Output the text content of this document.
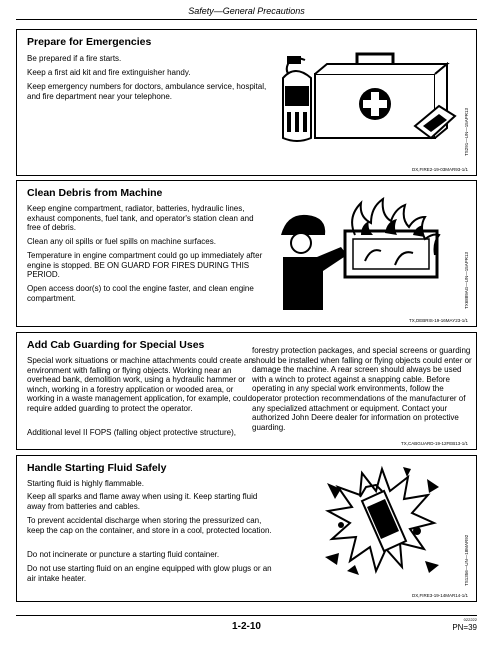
Safety—General Precautions
Prepare for Emergencies
Be prepared if a fire starts.
Keep a first aid kit and fire extinguisher handy.
Keep emergency numbers for doctors, ambulance service, hospital, and fire department near your telephone.
TS291—UN—15APR13
DX,FIRE2-19-03MAR93-1/1
Clean Debris from Machine
Keep engine compartment, radiator, batteries, hydraulic lines, exhaust components, fuel tank, and operator's station clean and free of debris.
Clean any oil spills or fuel spills on machine surfaces.
Temperature in engine compartment could go up immediately after engine is stopped. BE ON GUARD FOR FIRES DURING THIS PERIOD.
Open access door(s) to cool the engine faster, and clean engine compartment.	TX6889AG—UN—15APR13
TX,DEBRIS-19-16MAY23-1/1
Add Cab Guarding for Special Uses
Special work situations or machine attachments could create an environment with falling or flying objects. Working near an overhead bank, demolition work, using a hydraulic hammer or winch, working in a forestry application or wooded area, or working in a waste management application, for example, could require added guarding to protect the operator.
Additional level II FOPS (falling object protective structure),
forestry protection packages, and special screens or guarding should be installed when falling or flying objects could enter or damage the machine. A rear screen should always be used with a winch to protect against a snapping cable. Before operating in any special work environments, follow the operator protection recommendations of the manufacturer of any specialized attachment or equipment. Contact your authorized John Deere dealer for information on protective guarding.
TX,CABGUARD-19-12FEB13-1/1
Handle Starting Fluid Safely
Starting fluid is highly flammable.
Keep all sparks and flame away when using it. Keep starting fluid away from batteries and cables.
To prevent accidental discharge when storing the pressurized can, keep the cap on the container, and store in a cool, protected location.
Do not incinerate or puncture a starting fluid container.
Do not use starting fluid on an engine equipped with glow plugs or an air intake heater.	TS1356—UN—18MAR92
DX,FIRE3-19-14MAR14-1/1
022222
1-2-10	PN=39
